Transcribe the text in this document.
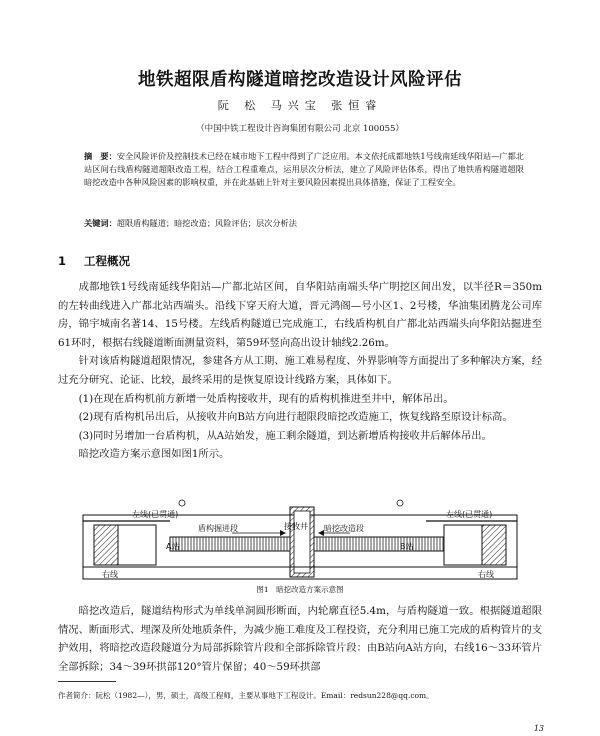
地铁超限盾构隧道暗挖改造设计风险评估
阮 松 马兴宝 张恒睿
（中国中铁工程设计咨询集团有限公司 北京 100055）
摘　要：安全风险评价及控制技术已经在城市地下工程中得到了广泛应用。本文依托成都地铁1号线南延线华阳站—广都北站区间右线盾构隧道超限改造工程，结合工程重难点，运用层次分析法，建立了风险评估体系，得出了地铁盾构隧道超限暗挖改造中各种风险因素的影响权重，并在此基础上针对主要风险因素提出具体措施，保证了工程安全。
关键词：超限盾构隧道；暗挖改造；风险评估；层次分析法
1 工程概况

成都地铁1号线南延线华阳站—广都北站区间，自华阳站南端头华广明挖区间出发，以半径R＝350m的左转曲线进入广都北站西端头。沿线下穿天府大道，晋元鸿阁—号小区1、2号楼，华油集团腾龙公司库房，锦宇城南名著14、15号楼。左线盾构隧道已完成施工，右线盾构机自广都北站西端头向华阳站掘进至61环时，根据右线隧道断面测量资料，第59环竖向高出设计轴线2.26m。

针对该盾构隧道超限情况，参建各方从工期、施工难易程度、外界影响等方面提出了多种解决方案，经过充分研究、论证、比较，最终采用的是恢复原设计线路方案，具体如下。

(1)在现在盾构机前方新增一处盾构接收井，现有的盾构机推进至井中，解体吊出。

(2)现有盾构机吊出后，从接收井向B站方向进行超限段暗挖改造施工，恢复线路至原设计标高。

(3)同时另增加一台盾构机，从A站始发，施工剩余隧道，到达新增盾构接收井后解体吊出。

暗挖改造方案示意图如图1所示。

左线(已贯通)	左线(已贯通)
A站	B站
盾构掘进段	接收井 暗挖改造段
右线	右线
图1　暗挖改造方案示意图

暗挖改造后，隧道结构形式为单线单洞圆形断面，内轮廓直径5.4m，与盾构隧道一致。根据隧道超限情况、断面形式、埋深及所处地质条件，为减少施工难度及工程投资，充分利用已施工完成的盾构管片的支护效用，将暗挖改造段隧道分为局部拆除管片段和全部拆除管片段：由B站向A站方向，右线16～33环管片全部拆除；34～39环拱部120°管片保留；40～59环拱部

作者简介：阮松（1982—），男，硕士，高级工程师，主要从事地下工程设计。Email：redsun228@qq.com。
13
